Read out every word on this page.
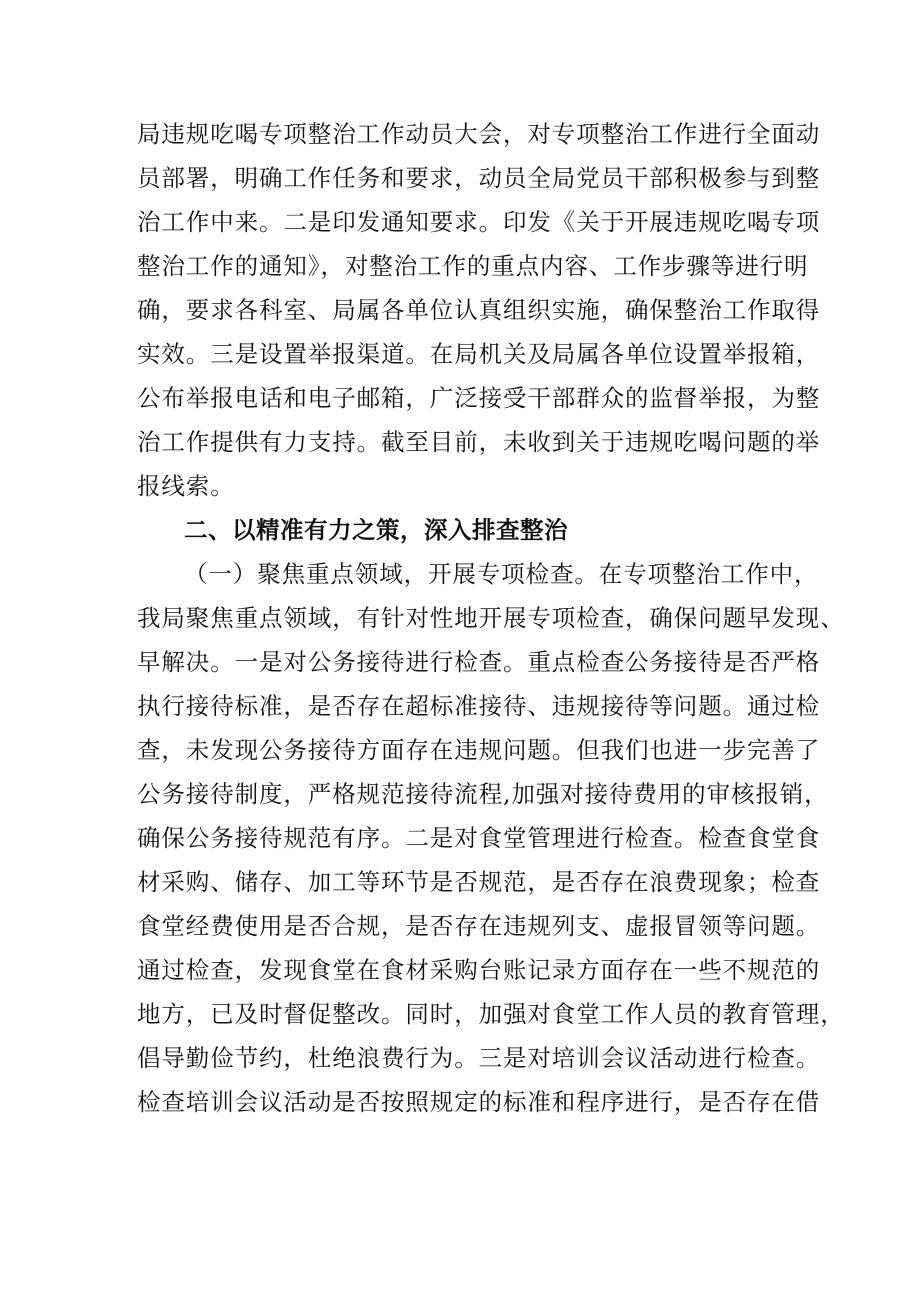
局违规吃喝专项整治工作动员大会，对专项整治工作进行全面动
员部署，明确工作任务和要求，动员全局党员干部积极参与到整
治工作中来。二是印发通知要求。印发《关于开展违规吃喝专项
整治工作的通知》，对整治工作的重点内容、工作步骤等进行明
确，要求各科室、局属各单位认真组织实施，确保整治工作取得
实效。三是设置举报渠道。在局机关及局属各单位设置举报箱，
公布举报电话和电子邮箱，广泛接受干部群众的监督举报，为整
治工作提供有力支持。截至目前，未收到关于违规吃喝问题的举
报线索。
二、以精准有力之策，深入排查整治
（一）聚焦重点领域，开展专项检查。在专项整治工作中，
我局聚焦重点领域，有针对性地开展专项检查，确保问题早发现、
早解决。一是对公务接待进行检查。重点检查公务接待是否严格
执行接待标准，是否存在超标准接待、违规接待等问题。通过检
查，未发现公务接待方面存在违规问题。但我们也进一步完善了
公务接待制度，严格规范接待流程,加强对接待费用的审核报销，
确保公务接待规范有序。二是对食堂管理进行检查。检查食堂食
材采购、储存、加工等环节是否规范，是否存在浪费现象；检查
食堂经费使用是否合规，是否存在违规列支、虚报冒领等问题。
通过检查，发现食堂在食材采购台账记录方面存在一些不规范的
地方，已及时督促整改。同时，加强对食堂工作人员的教育管理，
倡导勤俭节约，杜绝浪费行为。三是对培训会议活动进行检查。
检查培训会议活动是否按照规定的标准和程序进行，是否存在借
